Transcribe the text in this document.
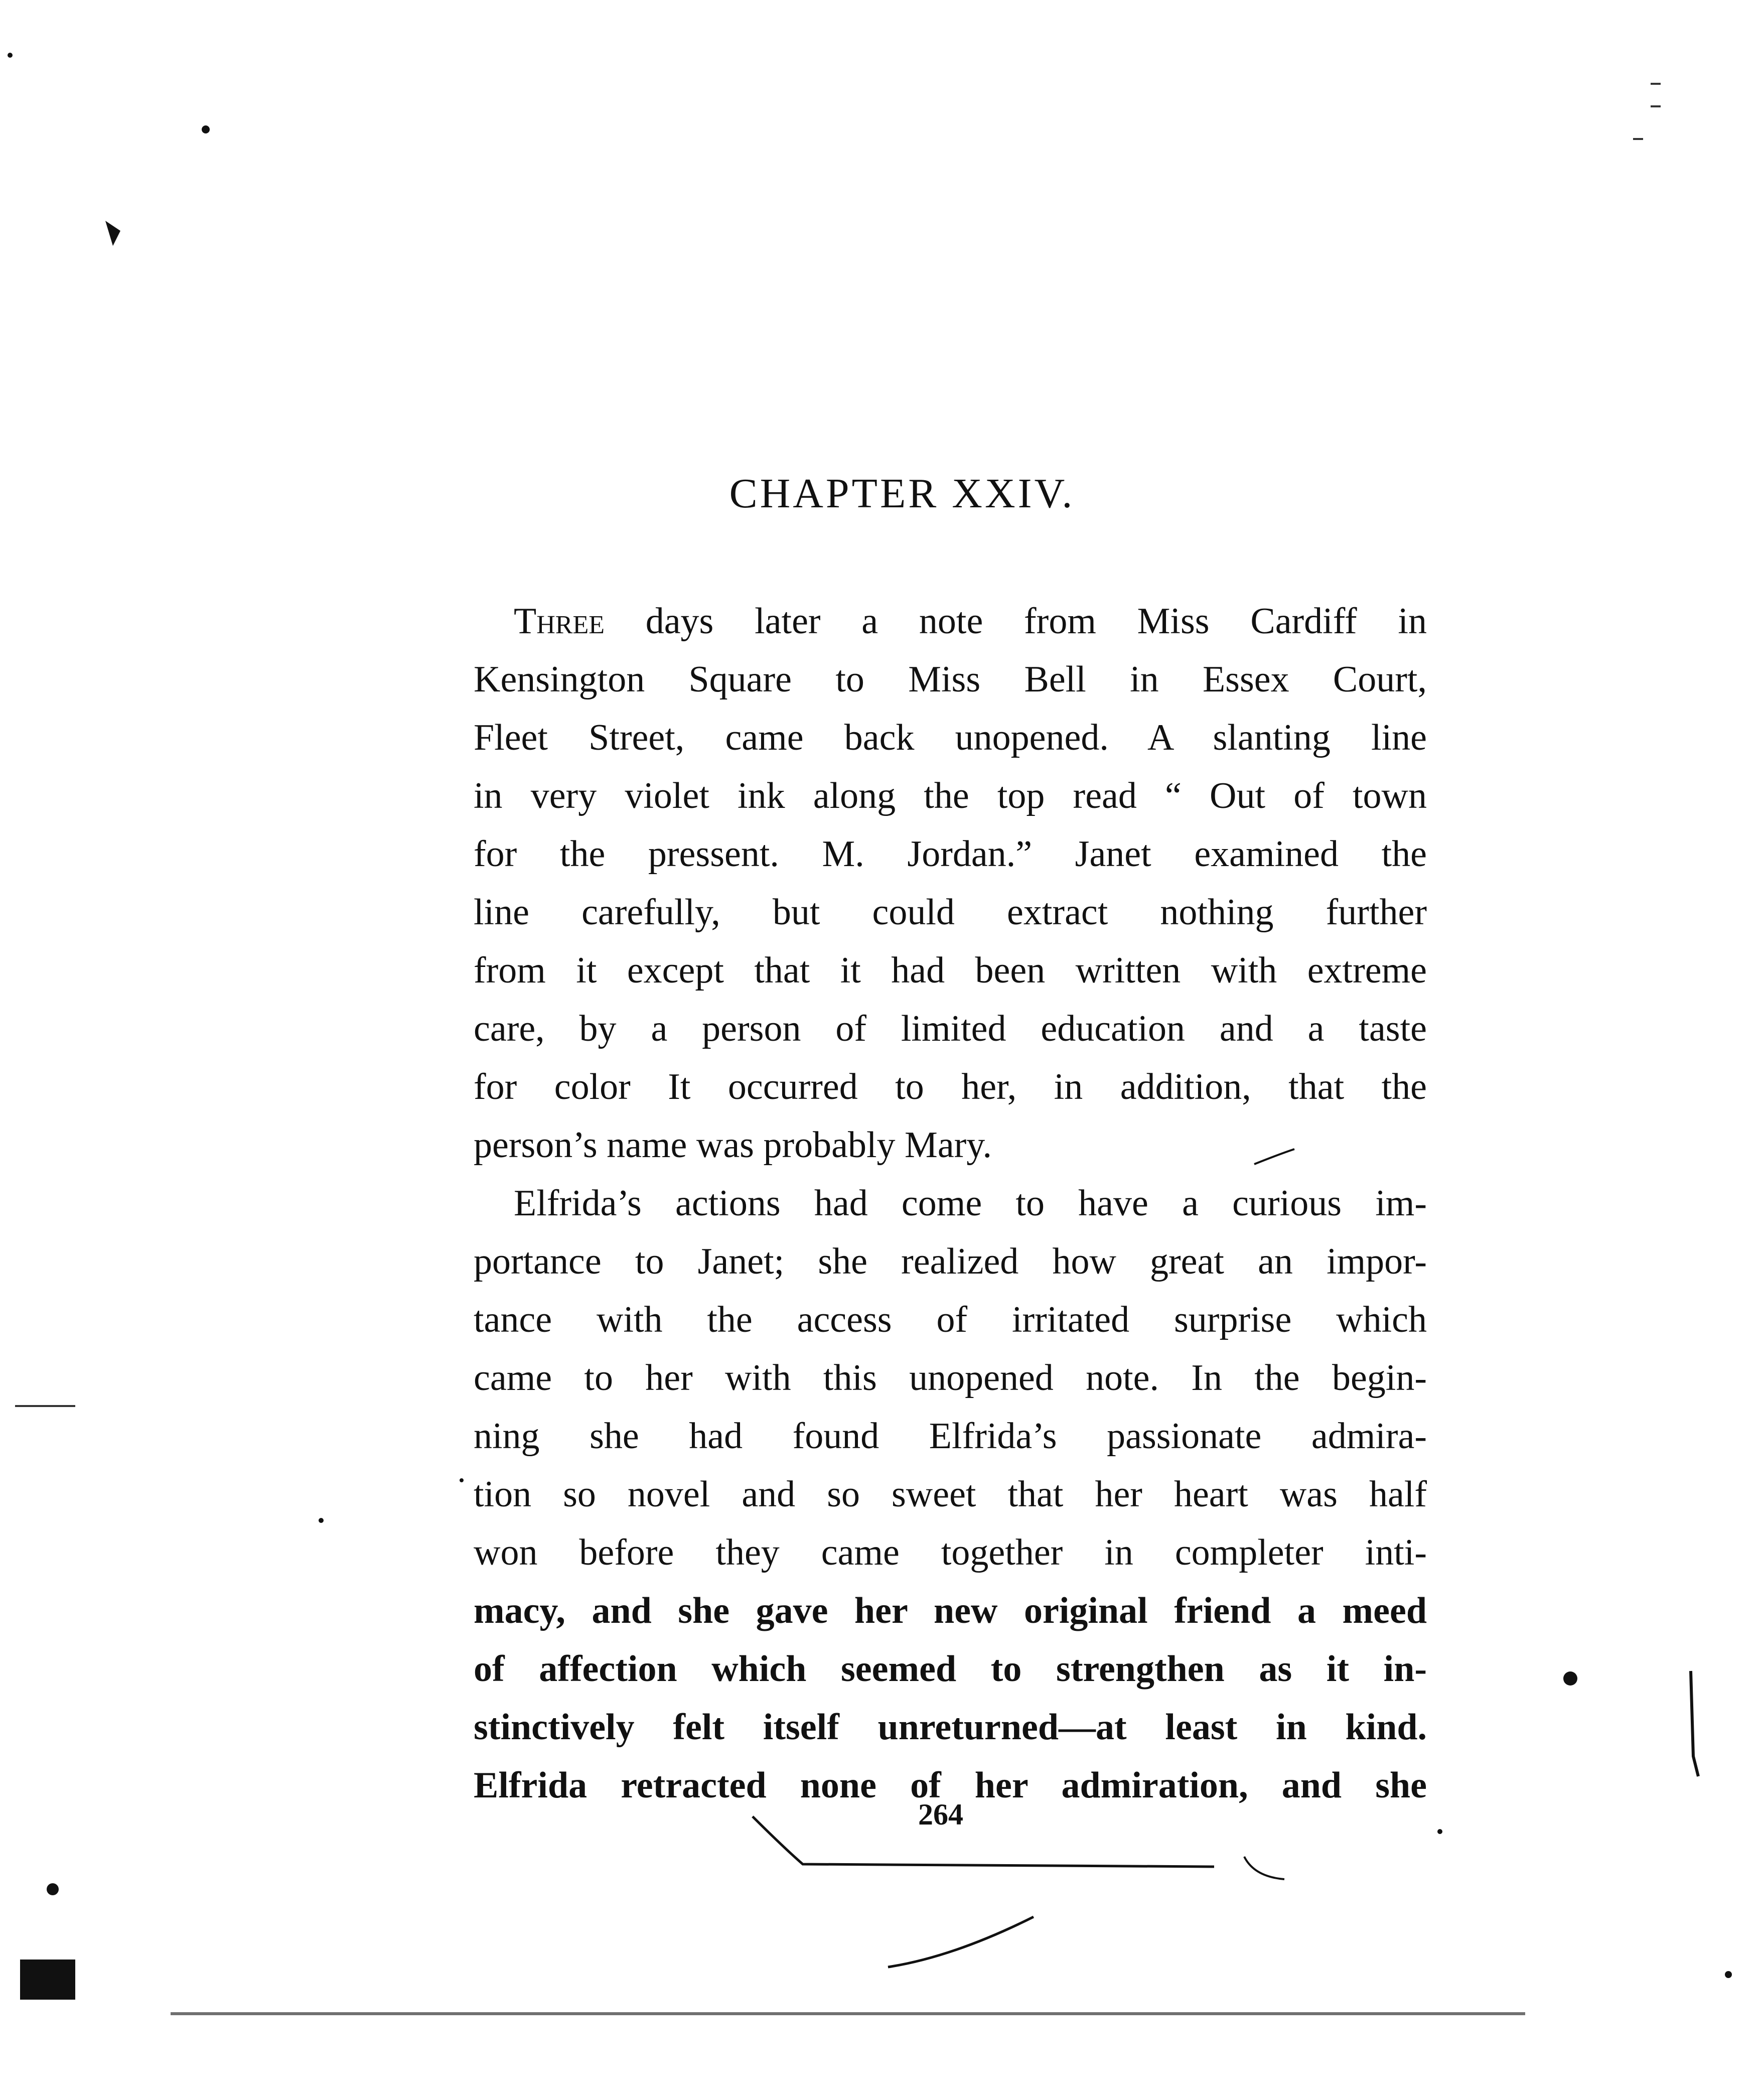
CHAPTER XXIV.
Three days later a note from Miss Cardiff in
Kensington Square to Miss Bell in Essex Court,
Fleet Street, came back unopened. A slanting line
in very violet ink along the top read “ Out of town
for the pressent. M. Jordan.” Janet examined the
line carefully, but could extract nothing further
from it except that it had been written with extreme
care, by a person of limited education and a taste
for color It occurred to her, in addition, that the
person’s name was probably Mary.
Elfrida’s actions had come to have a curious im-
portance to Janet; she realized how great an impor-
tance with the access of irritated surprise which
came to her with this unopened note. In the begin-
ning she had found Elfrida’s passionate admira-
tion so novel and so sweet that her heart was half
won before they came together in completer inti-
macy, and she gave her new original friend a meed
of affection which seemed to strengthen as it in-
stinctively felt itself unreturned—at least in kind.
Elfrida retracted none of her admiration, and she
264
